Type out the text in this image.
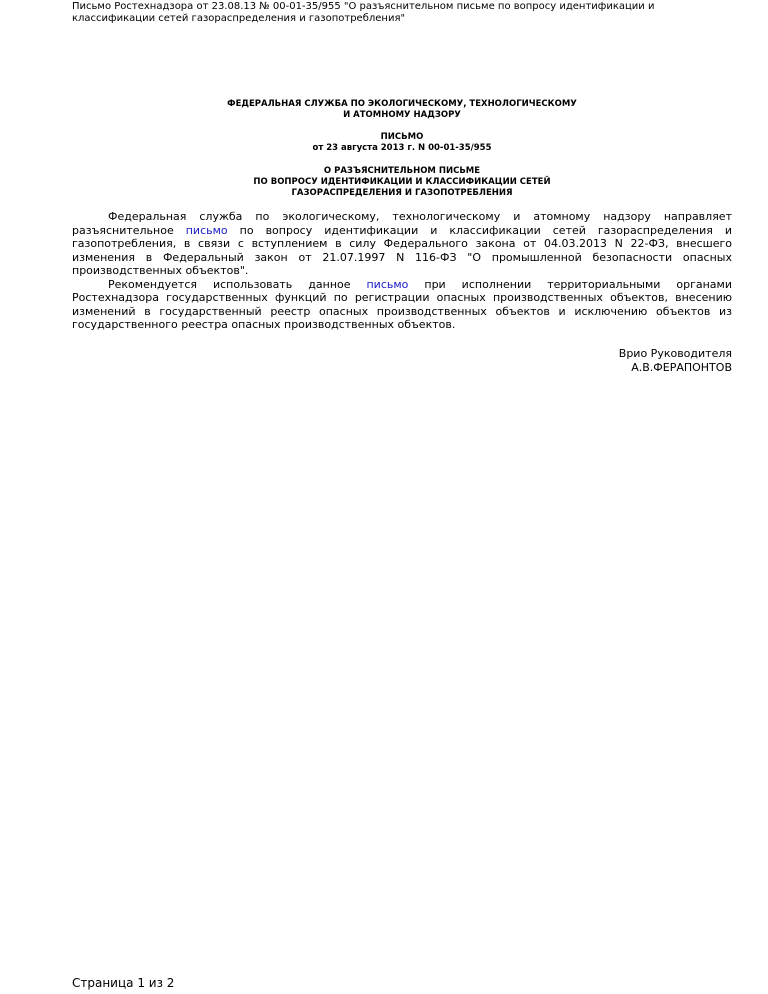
Письмо Ростехнадзора от 23.08.13 № 00-01-35/955 "О разъяснительном письме по вопросу идентификации и классификации сетей газораспределения и газопотребления"
ФЕДЕРАЛЬНАЯ СЛУЖБА ПО ЭКОЛОГИЧЕСКОМУ, ТЕХНОЛОГИЧЕСКОМУ
И АТОМНОМУ НАДЗОРУ
ПИСЬМО
от 23 августа 2013 г. N 00-01-35/955
О РАЗЪЯСНИТЕЛЬНОМ ПИСЬМЕ
ПО ВОПРОСУ ИДЕНТИФИКАЦИИ И КЛАССИФИКАЦИИ СЕТЕЙ
ГАЗОРАСПРЕДЕЛЕНИЯ И ГАЗОПОТРЕБЛЕНИЯ

Федеральная служба по экологическому, технологическому и атомному надзору направляет разъяснительное письмо по вопросу идентификации и классификации сетей газораспределения и газопотребления, в связи с вступлением в силу Федерального закона от 04.03.2013 N 22-ФЗ, внесшего изменения в Федеральный закон от 21.07.1997 N 116-ФЗ "О промышленной безопасности опасных производственных объектов".

Рекомендуется использовать данное письмо при исполнении территориальными органами Ростехнадзора государственных функций по регистрации опасных производственных объектов, внесению изменений в государственный реестр опасных производственных объектов и исключению объектов из государственного реестра опасных производственных объектов.

Врио Руководителя
А.В.ФЕРАПОНТОВ
Страница 1 из 2
